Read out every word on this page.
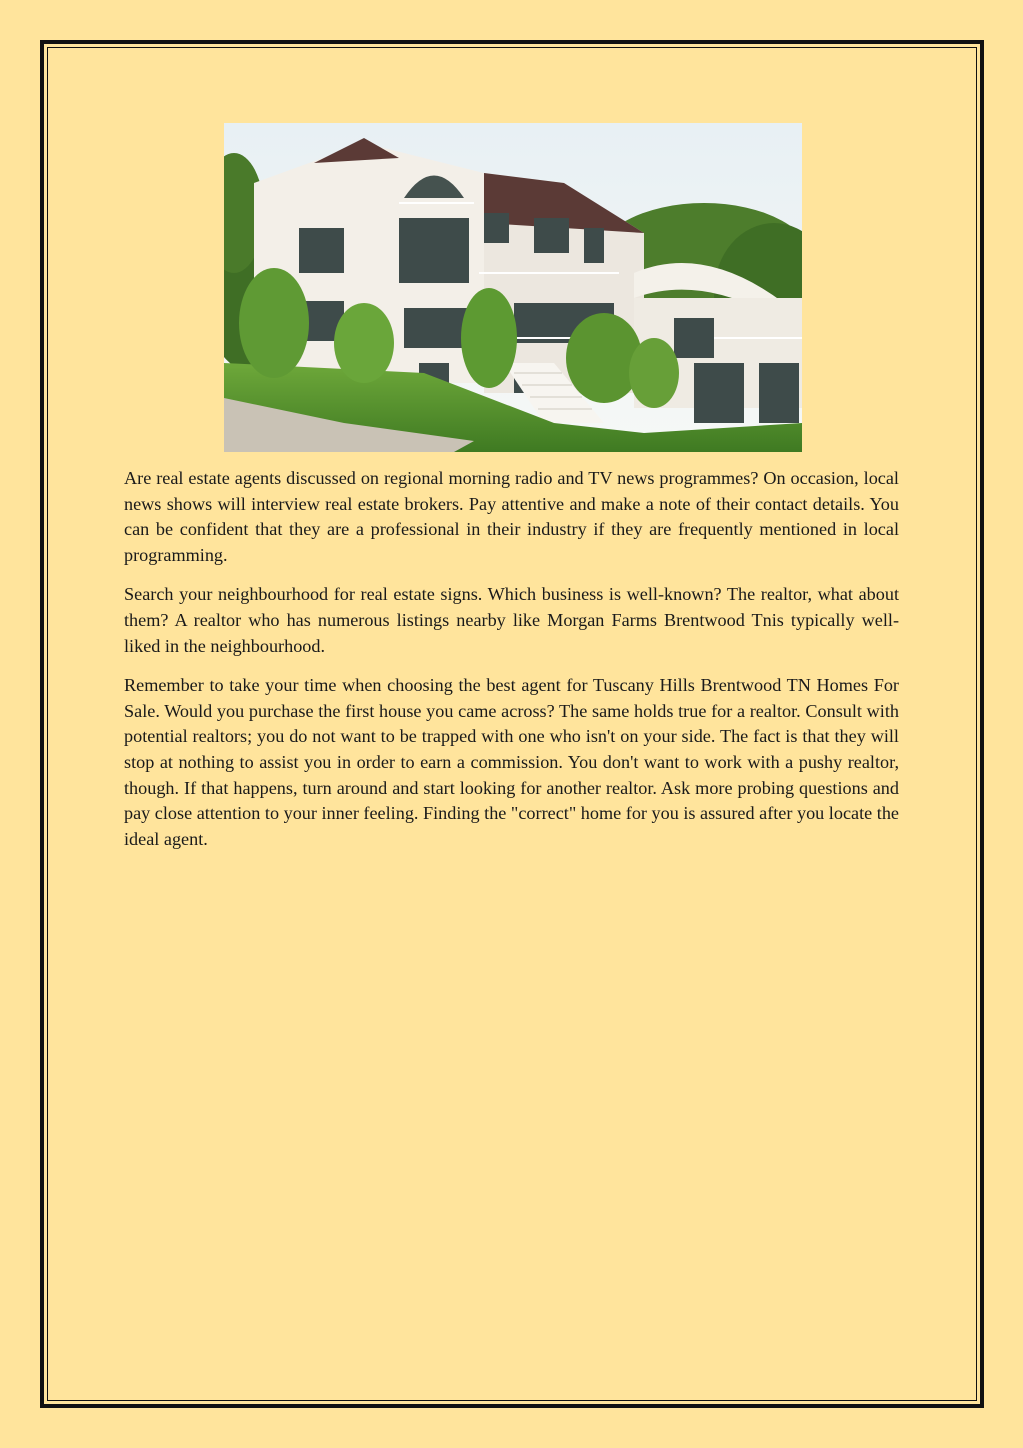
Are real estate agents discussed on regional morning radio and TV news programmes? On occasion, local news shows will interview real estate brokers. Pay attentive and make a note of their contact details. You can be confident that they are a professional in their industry if they are frequently mentioned in local programming.

Search your neighbourhood for real estate signs. Which business is well-known? The realtor, what about them? A realtor who has numerous listings nearby like Morgan Farms Brentwood Tnis typically well-liked in the neighbourhood.

Remember to take your time when choosing the best agent for Tuscany Hills Brentwood TN Homes For Sale. Would you purchase the first house you came across? The same holds true for a realtor. Consult with potential realtors; you do not want to be trapped with one who isn't on your side. The fact is that they will stop at nothing to assist you in order to earn a commission. You don't want to work with a pushy realtor, though. If that happens, turn around and start looking for another realtor. Ask more probing questions and pay close attention to your inner feeling. Finding the "correct" home for you is assured after you locate the ideal agent.
